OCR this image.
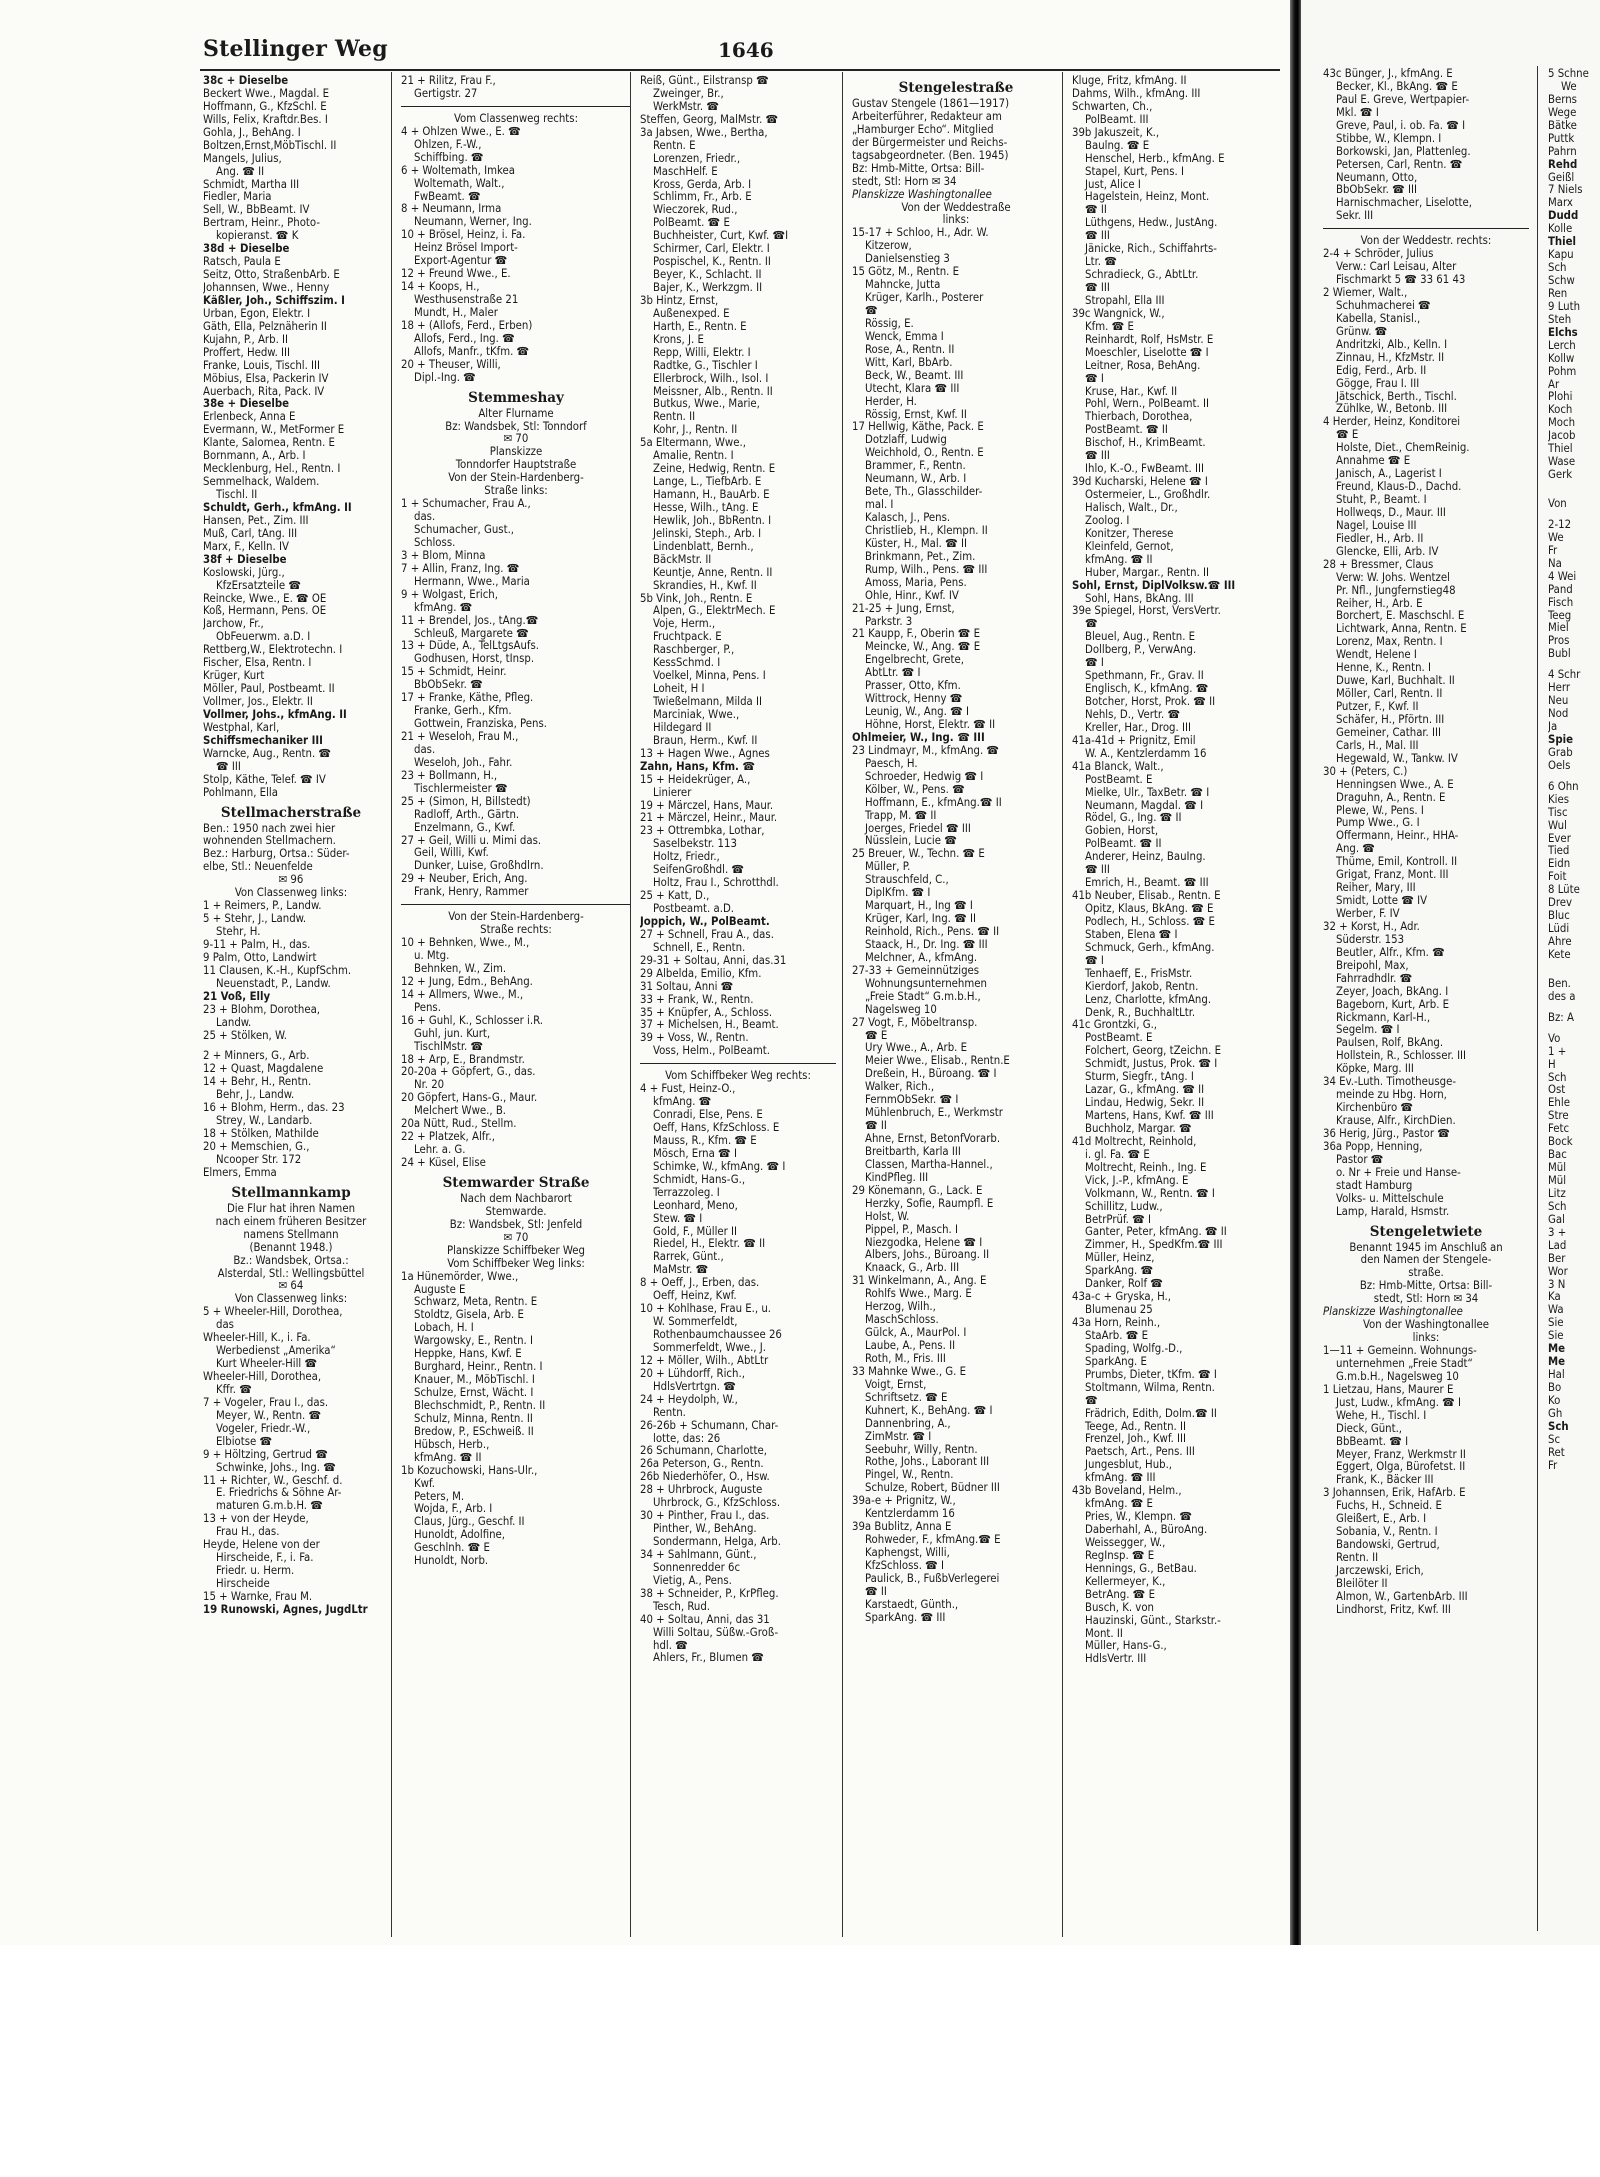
Stellinger Weg	1646
38c + Dieselbe
Beckert Wwe., Magdal. E
Hoffmann, G., KfzSchl. E
Wills, Felix, Kraftdr.Bes. I
Gohla, J., BehAng. I
Boltzen,Ernst,MöbTischl. II
Mangels, Julius,
Ang. ☎ II
Schmidt, Martha III
Fiedler, Maria
Sell, W., BbBeamt. IV
Bertram, Heinr., Photo-
kopieranst. ☎ K
38d + Dieselbe
Ratsch, Paula E
Seitz, Otto, StraßenbArb. E
Johannsen, Wwe., Henny
Käßler, Joh., Schiffszim. I
Urban, Egon, Elektr. I
Gäth, Ella, Pelznäherin II
Kujahn, P., Arb. II
Proffert, Hedw. III
Franke, Louis, Tischl. III
Möbius, Elsa, Packerin IV
Auerbach, Rita, Pack. IV
38e + Dieselbe
Erlenbeck, Anna E
Evermann, W., MetFormer E
Klante, Salomea, Rentn. E
Bornmann, A., Arb. I
Mecklenburg, Hel., Rentn. I
Semmelhack, Waldem.
Tischl. II
Schuldt, Gerh., kfmAng. II
Hansen, Pet., Zim. III
Muß, Carl, tAng. III
Marx, F., Kelln. IV
38f + Dieselbe
Koslowski, Jürg.,
KfzErsatzteile ☎
Reincke, Wwe., E. ☎ OE
Koß, Hermann, Pens. OE
Jarchow, Fr.,
ObFeuerwm. a.D. I
Rettberg,W., Elektrotechn. I
Fischer, Elsa, Rentn. I
Krüger, Kurt
Möller, Paul, Postbeamt. II
Vollmer, Jos., Elektr. II
Vollmer, Johs., kfmAng. II
Westphal, Karl,
Schiffsmechaniker III
Warncke, Aug., Rentn. ☎
☎ III
Stolp, Käthe, Telef. ☎ IV
Pohlmann, Ella
Stellmacherstraße
Ben.: 1950 nach zwei hier
wohnenden Stellmachern.
Bez.: Harburg, Ortsa.: Süder-
elbe, Stl.: Neuenfelde
✉ 96
Von Classenweg links:
1 + Reimers, P., Landw.
5 + Stehr, J., Landw.
Stehr, H.
9-11 + Palm, H., das.
9 Palm, Otto, Landwirt
11 Clausen, K.-H., KupfSchm.
Neuenstadt, P., Landw.
21 Voß, Elly
23 + Blohm, Dorothea,
Landw.
25 + Stölken, W.
2 + Minners, G., Arb.
12 + Quast, Magdalene
14 + Behr, H., Rentn.
Behr, J., Landw.
16 + Blohm, Herm., das. 23
Strey, W., Landarb.
18 + Stölken, Mathilde
20 + Memschien, G.,
Ncooper Str. 172
Elmers, Emma
Stellmannkamp
Die Flur hat ihren Namen
nach einem früheren Besitzer
namens Stellmann
(Benannt 1948.)
Bz.: Wandsbek, Ortsa.:
Alsterdal, Stl.: Wellingsbüttel
✉ 64
Von Classenweg links:
5 + Wheeler-Hill, Dorothea,
das
Wheeler-Hill, K., i. Fa.
Werbedienst „Amerika“
Kurt Wheeler-Hill ☎
Wheeler-Hill, Dorothea,
Kffr. ☎
7 + Vogeler, Frau I., das.
Meyer, W., Rentn. ☎
Vogeler, Friedr.-W.,
Elbiotse ☎
9 + Höltzing, Gertrud ☎
Schwinke, Johs., Ing. ☎
11 + Richter, W., Geschf. d.
E. Friedrichs & Söhne Ar-
maturen G.m.b.H. ☎
13 + von der Heyde,
Frau H., das.
Heyde, Helene von der
Hirscheide, F., i. Fa.
Friedr. u. Herm.
Hirscheide
15 + Warnke, Frau M.
19 Runowski, Agnes, JugdLtr
21 + Rilitz, Frau F.,
Gertigstr. 27
Vom Classenweg rechts:
4 + Ohlzen Wwe., E. ☎
Ohlzen, F.-W.,
Schiffbing. ☎
6 + Woltemath, Imkea
Woltemath, Walt.,
FwBeamt. ☎
8 + Neumann, Irma
Neumann, Werner, Ing.
10 + Brösel, Heinz, i. Fa.
Heinz Brösel Import-
Export-Agentur ☎
12 + Freund Wwe., E.
14 + Koops, H.,
Westhusenstraße 21
Mundt, H., Maler
18 + (Allofs, Ferd., Erben)
Allofs, Ferd., Ing. ☎
Allofs, Manfr., tKfm. ☎
20 + Theuser, Willi,
Dipl.-Ing. ☎
Stemmeshay
Alter Flurname
Bz: Wandsbek, Stl: Tonndorf
✉ 70
Planskizze
Tonndorfer Hauptstraße
Von der Stein-Hardenberg-
Straße links:
1 + Schumacher, Frau A.,
das.
Schumacher, Gust.,
Schloss.
3 + Blom, Minna
7 + Allin, Franz, Ing. ☎
Hermann, Wwe., Maria
9 + Wolgast, Erich,
kfmAng. ☎
11 + Brendel, Jos., tAng.☎
Schleuß, Margarete ☎
13 + Düde, A., TelLtgsAufs.
Godhusen, Horst, tInsp.
15 + Schmidt, Heinr.
BbObSekr. ☎
17 + Franke, Käthe, Pfleg.
Franke, Gerh., Kfm.
Gottwein, Franziska, Pens.
21 + Weseloh, Frau M.,
das.
Weseloh, Joh., Fahr.
23 + Bollmann, H.,
Tischlermeister ☎
25 + (Simon, H, Billstedt)
Radloff, Arth., Gärtn.
Enzelmann, G., Kwf.
27 + Geil, Willi u. Mimi das.
Geil, Willi, Kwf.
Dunker, Luise, Großhdlrn.
29 + Neuber, Erich, Ang.
Frank, Henry, Rammer
Von der Stein-Hardenberg-
Straße rechts:
10 + Behnken, Wwe., M.,
u. Mtg.
Behnken, W., Zim.
12 + Jung, Edm., BehAng.
14 + Allmers, Wwe., M.,
Pens.
16 + Guhl, K., Schlosser i.R.
Guhl, jun. Kurt,
TischlMstr. ☎
18 + Arp, E., Brandmstr.
20-20a + Göpfert, G., das.
Nr. 20
20 Göpfert, Hans-G., Maur.
Melchert Wwe., B.
20a Nütt, Rud., Stellm.
22 + Platzek, Alfr.,
Lehr. a. G.
24 + Küsel, Elise
Stemwarder Straße
Nach dem Nachbarort
Stemwarde.
Bz: Wandsbek, Stl: Jenfeld
✉ 70
Planskizze Schiffbeker Weg
Vom Schiffbeker Weg links:
1a Hünemörder, Wwe.,
Auguste E
Schwarz, Meta, Rentn. E
Stoldtz, Gisela, Arb. E
Lobach, H. I
Wargowsky, E., Rentn. I
Heppke, Hans, Kwf. E
Burghard, Heinr., Rentn. I
Knauer, M., MöbTischl. I
Schulze, Ernst, Wächt. I
Blechschmidt, P., Rentn. II
Schulz, Minna, Rentn. II
Bredow, P., ESchweiß. II
Hübsch, Herb.,
kfmAng. ☎ II
1b Kozuchowski, Hans-Ulr.,
Kwf.
Peters, M.
Wojda, F., Arb. I
Claus, Jürg., Geschf. II
Hunoldt, Adolfine,
Geschlnh. ☎ E
Hunoldt, Norb.
Reiß, Günt., Eilstransp ☎
Zweinger, Br.,
WerkMstr. ☎
Steffen, Georg, MalMstr. ☎
3a Jabsen, Wwe., Bertha,
Rentn. E
Lorenzen, Friedr.,
MaschHelf. E
Kross, Gerda, Arb. I
Schlimm, Fr., Arb. E
Wieczorek, Rud.,
PolBeamt. ☎ E
Buchheister, Curt, Kwf. ☎I
Schirmer, Carl, Elektr. I
Pospischel, K., Rentn. II
Beyer, K., Schlacht. II
Bajer, K., Werkzgm. II
3b Hintz, Ernst,
Außenexped. E
Harth, E., Rentn. E
Krons, J. E
Repp, Willi, Elektr. I
Radtke, G., Tischler I
Ellerbrock, Wilh., Isol. I
Meissner, Alb., Rentn. II
Butkus, Wwe., Marie,
Rentn. II
Kohr, J., Rentn. II
5a Eltermann, Wwe.,
Amalie, Rentn. I
Zeine, Hedwig, Rentn. E
Lange, L., TiefbArb. E
Hamann, H., BauArb. E
Hesse, Wilh., tAng. E
Hewlik, Joh., BbRentn. I
Jelinski, Steph., Arb. I
Lindenblatt, Bernh.,
BäckMstr. II
Keuntje, Anne, Rentn. II
Skrandies, H., Kwf. II
5b Vink, Joh., Rentn. E
Alpen, G., ElektrMech. E
Voje, Herm.,
Fruchtpack. E
Raschberger, P.,
KessSchmd. I
Voelkel, Minna, Pens. I
Loheit, H I
Twießelmann, Milda II
Marciniak, Wwe.,
Hildegard II
Braun, Herm., Kwf. II
13 + Hagen Wwe., Agnes
Zahn, Hans, Kfm. ☎
15 + Heidekrüger, A.,
Linierer
19 + Märczel, Hans, Maur.
21 + Märczel, Heinr., Maur.
23 + Ottrembka, Lothar,
Saselbekstr. 113
Holtz, Friedr.,
SeifenGroßhdl. ☎
Holtz, Frau I., Schrotthdl.
25 + Katt, D.,
Postbeamt. a.D.
Joppich, W., PolBeamt.
27 + Schnell, Frau A., das.
Schnell, E., Rentn.
29-31 + Soltau, Anni, das.31
29 Albelda, Emilio, Kfm.
31 Soltau, Anni ☎
33 + Frank, W., Rentn.
35 + Knüpfer, A., Schloss.
37 + Michelsen, H., Beamt.
39 + Voss, W., Rentn.
Voss, Helm., PolBeamt.
Vom Schiffbeker Weg rechts:
4 + Fust, Heinz-O.,
kfmAng. ☎
Conradi, Else, Pens. E
Oeff, Hans, KfzSchloss. E
Mauss, R., Kfm. ☎ E
Mösch, Erna ☎ I
Schimke, W., kfmAng. ☎ I
Schmidt, Hans-G.,
Terrazzoleg. I
Leonhard, Meno,
Stew. ☎ I
Gold, F., Müller II
Riedel, H., Elektr. ☎ II
Rarrek, Günt.,
MaMstr. ☎
8 + Oeff, J., Erben, das.
Oeff, Heinz, Kwf.
10 + Kohlhase, Frau E., u.
W. Sommerfeldt,
Rothenbaumchaussee 26
Sommerfeldt, Wwe., J.
12 + Möller, Wilh., AbtLtr
20 + Lühdorff, Rich.,
HdlsVertrtgn. ☎
24 + Heydolph, W.,
Rentn.
26-26b + Schumann, Char-
lotte, das: 26
26 Schumann, Charlotte,
26a Peterson, G., Rentn.
26b Niederhöfer, O., Hsw.
28 + Uhrbrock, Auguste
Uhrbrock, G., KfzSchloss.
30 + Pinther, Frau I., das.
Pinther, W., BehAng.
Sondermann, Helga, Arb.
34 + Sahlmann, Günt.,
Sonnenredder 6c
Vietig, A., Pens.
38 + Schneider, P., KrPfleg.
Tesch, Rud.
40 + Soltau, Anni, das 31
Willi Soltau, Süßw.-Groß-
hdl. ☎
Ahlers, Fr., Blumen ☎
Stengelestraße
Gustav Stengele (1861—1917)
Arbeiterführer, Redakteur am
„Hamburger Echo“. Mitglied
der Bürgermeister und Reichs-
tagsabgeordneter. (Ben. 1945)
Bz: Hmb-Mitte, Ortsa: Bill-
stedt, Stl: Horn ✉ 34
Planskizze Washingtonallee
Von der Weddestraße
links:
15-17 + Schloo, H., Adr. W.
Kitzerow,
Danielsenstieg 3
15 Götz, M., Rentn. E
Mahncke, Jutta
Krüger, Karlh., Posterer
☎
Rössig, E.
Wenck, Emma I
Rose, A., Rentn. II
Witt, Karl, BbArb.
Beck, W., Beamt. III
Utecht, Klara ☎ III
Herder, H.
Rössig, Ernst, Kwf. II
17 Hellwig, Käthe, Pack. E
Dotzlaff, Ludwig
Weichhold, O., Rentn. E
Brammer, F., Rentn.
Neumann, W., Arb. I
Bete, Th., Glasschilder-
mal. I
Kalasch, J., Pens.
Christlieb, H., Klempn. II
Küster, H., Mal. ☎ II
Brinkmann, Pet., Zim.
Rump, Wilh., Pens. ☎ III
Amoss, Maria, Pens.
Ohle, Hinr., Kwf. IV
21-25 + Jung, Ernst,
Parkstr. 3
21 Kaupp, F., Oberin ☎ E
Meincke, W., Ang. ☎ E
Engelbrecht, Grete,
AbtLtr. ☎ I
Prasser, Otto, Kfm.
Wittrock, Henny ☎
Leunig, W., Ang. ☎ I
Höhne, Horst, Elektr. ☎ II
Ohlmeier, W., Ing. ☎ III
23 Lindmayr, M., kfmAng. ☎
Paesch, H.
Schroeder, Hedwig ☎ I
Kölber, W., Pens. ☎
Hoffmann, E., kfmAng.☎ II
Trapp, M. ☎ II
Joerges, Friedel ☎ III
Nüsslein, Lucie ☎
25 Breuer, W., Techn. ☎ E
Müller, P.
Strauschfeld, C.,
DiplKfm. ☎ I
Marquart, H., Ing ☎ I
Krüger, Karl, Ing. ☎ II
Reinhold, Rich., Pens. ☎ II
Staack, H., Dr. Ing. ☎ III
Melchner, A., kfmAng.
27-33 + Gemeinnütziges
Wohnungsunternehmen
„Freie Stadt“ G.m.b.H.,
Nagelsweg 10
27 Vogt, F., Möbeltransp.
☎ E
Ury Wwe., A., Arb. E
Meier Wwe., Elisab., Rentn.E
Dreßein, H., Büroang. ☎ I
Walker, Rich.,
FernmObSekr. ☎ I
Mühlenbruch, E., Werkmstr
☎ II
Ahne, Ernst, BetonfVorarb.
Breitbarth, Karla III
Classen, Martha-Hannel.,
KindPfleg. III
29 Könemann, G., Lack. E
Herzky, Sofie, Raumpfl. E
Holst, W.
Pippel, P., Masch. I
Niezgodka, Helene ☎ I
Albers, Johs., Büroang. II
Knaack, G., Arb. III
31 Winkelmann, A., Ang. E
Rohlfs Wwe., Marg. E
Herzog, Wilh.,
MaschSchloss.
Gülck, A., MaurPol. I
Laube, A., Pens. II
Roth, M., Fris. III
33 Mahnke Wwe., G. E
Voigt, Ernst,
Schriftsetz. ☎ E
Kuhnert, K., BehAng. ☎ I
Dannenbring, A.,
ZimMstr. ☎ I
Seebuhr, Willy, Rentn.
Rothe, Johs., Laborant III
Pingel, W., Rentn.
Schulze, Robert, Büdner III
39a-e + Prignitz, W.,
Kentzlerdamm 16
39a Bublitz, Anna E
Rohweder, F., kfmAng.☎ E
Kaphengst, Willi,
KfzSchloss. ☎ I
Paulick, B., FußbVerlegerei
☎ II
Karstaedt, Günth.,
SparkAng. ☎ III
Kluge, Fritz, kfmAng. II
Dahms, Wilh., kfmAng. III
Schwarten, Ch.,
PolBeamt. III
39b Jakuszeit, K.,
Baulng. ☎ E
Henschel, Herb., kfmAng. E
Stapel, Kurt, Pens. I
Just, Alice I
Hagelstein, Heinz, Mont.
☎ II
Lüthgens, Hedw., JustAng.
☎ III
Jänicke, Rich., Schiffahrts-
Ltr. ☎
Schradieck, G., AbtLtr.
☎ III
Stropahl, Ella III
39c Wangnick, W.,
Kfm. ☎ E
Reinhardt, Rolf, HsMstr. E
Moeschler, Liselotte ☎ I
Leitner, Rosa, BehAng.
☎ I
Kruse, Har., Kwf. II
Pohl, Wern., PolBeamt. II
Thierbach, Dorothea,
PostBeamt. ☎ II
Bischof, H., KrimBeamt.
☎ III
Ihlo, K.-O., FwBeamt. III
39d Kucharski, Helene ☎ I
Ostermeier, L., Großhdlr.
Halisch, Walt., Dr.,
Zoolog. I
Konitzer, Therese
Kleinfeld, Gernot,
kfmAng. ☎ II
Huber, Margar., Rentn. II
Sohl, Ernst, DiplVolksw.☎ III
Sohl, Hans, BkAng. III
39e Spiegel, Horst, VersVertr.
☎
Bleuel, Aug., Rentn. E
Dollberg, P., VerwAng.
☎ I
Spethmann, Fr., Grav. II
Englisch, K., kfmAng. ☎
Botcher, Horst, Prok. ☎ II
Nehls, D., Vertr. ☎
Kreller, Har., Drog. III
41a-41d + Prignitz, Emil
W. A., Kentzlerdamm 16
41a Blanck, Walt.,
PostBeamt. E
Mielke, Ulr., TaxBetr. ☎ I
Neumann, Magdal. ☎ I
Rödel, G., Ing. ☎ II
Gobien, Horst,
PolBeamt. ☎ II
Anderer, Heinz, BauIng.
☎ III
Emrich, H., Beamt. ☎ III
41b Neuber, Elisab., Rentn. E
Opitz, Klaus, BkAng. ☎ E
Podlech, H., Schloss. ☎ E
Staben, Elena ☎ I
Schmuck, Gerh., kfmAng.
☎ I
Tenhaeff, E., FrisMstr.
Kierdorf, Jakob, Rentn.
Lenz, Charlotte, kfmAng.
Denk, R., BuchhaltLtr.
41c Grontzki, G.,
PostBeamt. E
Folchert, Georg, tZeichn. E
Schmidt, Justus, Prok. ☎ I
Sturm, Siegfr., tAng. I
Lazar, G., kfmAng. ☎ II
Lindau, Hedwig, Sekr. II
Martens, Hans, Kwf. ☎ III
Buchholz, Margar. ☎
41d Moltrecht, Reinhold,
i. gl. Fa. ☎ E
Moltrecht, Reinh., Ing. E
Vick, J.-P., kfmAng. E
Volkmann, W., Rentn. ☎ I
Schillitz, Ludw.,
BetrPrüf. ☎ I
Ganter, Peter, kfmAng. ☎ II
Zimmer, H., SpedKfm.☎ III
Müller, Heinz,
SparkAng. ☎
Danker, Rolf ☎
43a-c + Gryska, H.,
Blumenau 25
43a Horn, Reinh.,
StaArb. ☎ E
Spading, Wolfg.-D.,
SparkAng. E
Prumbs, Dieter, tKfm. ☎ I
Stoltmann, Wilma, Rentn.
☎
Frädrich, Edith, Dolm.☎ II
Teege, Ad., Rentn. II
Frenzel, Joh., Kwf. III
Paetsch, Art., Pens. III
Jungesblut, Hub.,
kfmAng. ☎ III
43b Boveland, Helm.,
kfmAng. ☎ E
Pries, W., Klempn. ☎
Daberhahl, A., BüroAng.
Weissegger, W.,
RegInsp. ☎ E
Hennings, G., BetBau.
Kellermeyer, K.,
BetrAng. ☎ E
Busch, K. von
Hauzinski, Günt., Starkstr.-
Mont. II
Müller, Hans-G.,
HdlsVertr. III
43c Bünger, J., kfmAng. E
Becker, Kl., BkAng. ☎ E
Paul E. Greve, Wertpapier-
Mkl. ☎ I
Greve, Paul, i. ob. Fa. ☎ I
Stibbe, W., Klempn. I
Borkowski, Jan, Plattenleg.
Petersen, Carl, Rentn. ☎
Neumann, Otto,
BbObSekr. ☎ III
Harnischmacher, Liselotte,
Sekr. III
Von der Weddestr. rechts:
2-4 + Schröder, Julius
Verw.: Carl Leisau, Alter
Fischmarkt 5 ☎ 33 61 43
2 Wiemer, Walt.,
Schuhmacherei ☎
Kabella, Stanisl.,
Grünw. ☎
Andritzki, Alb., Kelln. I
Zinnau, H., KfzMstr. II
Edig, Ferd., Arb. II
Gögge, Frau I. III
Jätschick, Berth., Tischl.
Zühlke, W., Betonb. III
4 Herder, Heinz, Konditorei
☎ E
Holste, Diet., ChemReinig.
Annahme ☎ E
Janisch, A., Lagerist I
Freund, Klaus-D., Dachd.
Stuht, P., Beamt. I
Hollweqs, D., Maur. III
Nagel, Louise III
Fiedler, H., Arb. II
Glencke, Elli, Arb. IV
28 + Bressmer, Claus
Verw: W. Johs. Wentzel
Pr. Nfl., Jungfernstieg48
Reiher, H., Arb. E
Borchert, E. Maschschl. E
Lichtwark, Anna, Rentn. E
Lorenz, Max, Rentn. I
Wendt, Helene I
Henne, K., Rentn. I
Duwe, Karl, Buchhalt. II
Möller, Carl, Rentn. II
Putzer, F., Kwf. II
Schäfer, H., Pförtn. III
Gemeiner, Cathar. III
Carls, H., Mal. III
Hegewald, W., Tankw. IV
30 + (Peters, C.)
Henningsen Wwe., A. E
Draguhn, A., Rentn. E
Plewe, W., Pens. I
Pump Wwe., G. I
Offermann, Heinr., HHA-
Ang. ☎
Thüme, Emil, Kontroll. II
Grigat, Franz, Mont. III
Reiher, Mary, III
Smidt, Lotte ☎ IV
Werber, F. IV
32 + Korst, H., Adr.
Süderstr. 153
Beutler, Alfr., Kfm. ☎
Breipohl, Max,
Fahrradhdlr. ☎
Zeyer, Joach, BkAng. I
Bageborn, Kurt, Arb. E
Rickmann, Karl-H.,
Segelm. ☎ I
Paulsen, Rolf, BkAng.
Hollstein, R., Schlosser. III
Köpke, Marg. III
34 Ev.-Luth. Timotheusge-
meinde zu Hbg. Horn,
Kirchenbüro ☎
Krause, Alfr., KirchDien.
36 Herig, Jürg., Pastor ☎
36a Popp, Henning,
Pastor ☎
o. Nr + Freie und Hanse-
stadt Hamburg
Volks- u. Mittelschule
Lamp, Harald, Hsmstr.
Stengeletwiete
Benannt 1945 im Anschluß an
den Namen der Stengele-
straße.
Bz: Hmb-Mitte, Ortsa: Bill-
stedt, Stl: Horn ✉ 34
Planskizze Washingtonallee
Von der Washingtonallee
links:
1—11 + Gemeinn. Wohnungs-
unternehmen „Freie Stadt“
G.m.b.H., Nagelsweg 10
1 Lietzau, Hans, Maurer E
Just, Ludw., kfmAng. ☎ I
Wehe, H., Tischl. I
Dieck, Günt.,
BbBeamt. ☎ I
Meyer, Franz, Werkmstr II
Eggert, Olga, Bürofetst. II
Frank, K., Bäcker III
3 Johannsen, Erik, HafArb. E
Fuchs, H., Schneid. E
Gleißert, E., Arb. I
Sobania, V., Rentn. I
Bandowski, Gertrud,
Rentn. II
Jarczewski, Erich,
Bleilöter II
Almon, W., GartenbArb. III
Lindhorst, Fritz, Kwf. III
5 Schne
We
Berns
Wege
Bätke
Puttk
Pahrn
Rehd
Geißl
7 Niels
Marx
Dudd
Kolle
Thiel
Kapu
Sch
Schw
Ren
9 Luth
Steh
Elchs
Lerch
Kollw
Pohm
Ar
Plohi
Koch
Moch
Jacob
Thiel
Wase
Gerk
Von
2-12
We
Fr
Na
4 Wei
Pand
Fisch
Teeg
Miel
Pros
Bubl
4 Schr
Herr
Neu
Nod
Ja
Spie
Grab
Oels
6 Ohn
Kies
Tisc
Wul
Ever
Tied
Eidn
Foit
8 Lüte
Drev
Bluc
Lüdi
Ahre
Kete
Ben.
des a
Bz: A
Vo
1 +
H
Sch
Ost
Ehle
Stre
Fetc
Bock
Bac
Mül
Mül
Litz
Sch
Gal
3 +
Lad
Ber
Wor
3 N
Ka
Wa
Sie
Sie
Me
Me
Hal
Bo
Ko
Gh
Sch
Sc
Ret
Fr
